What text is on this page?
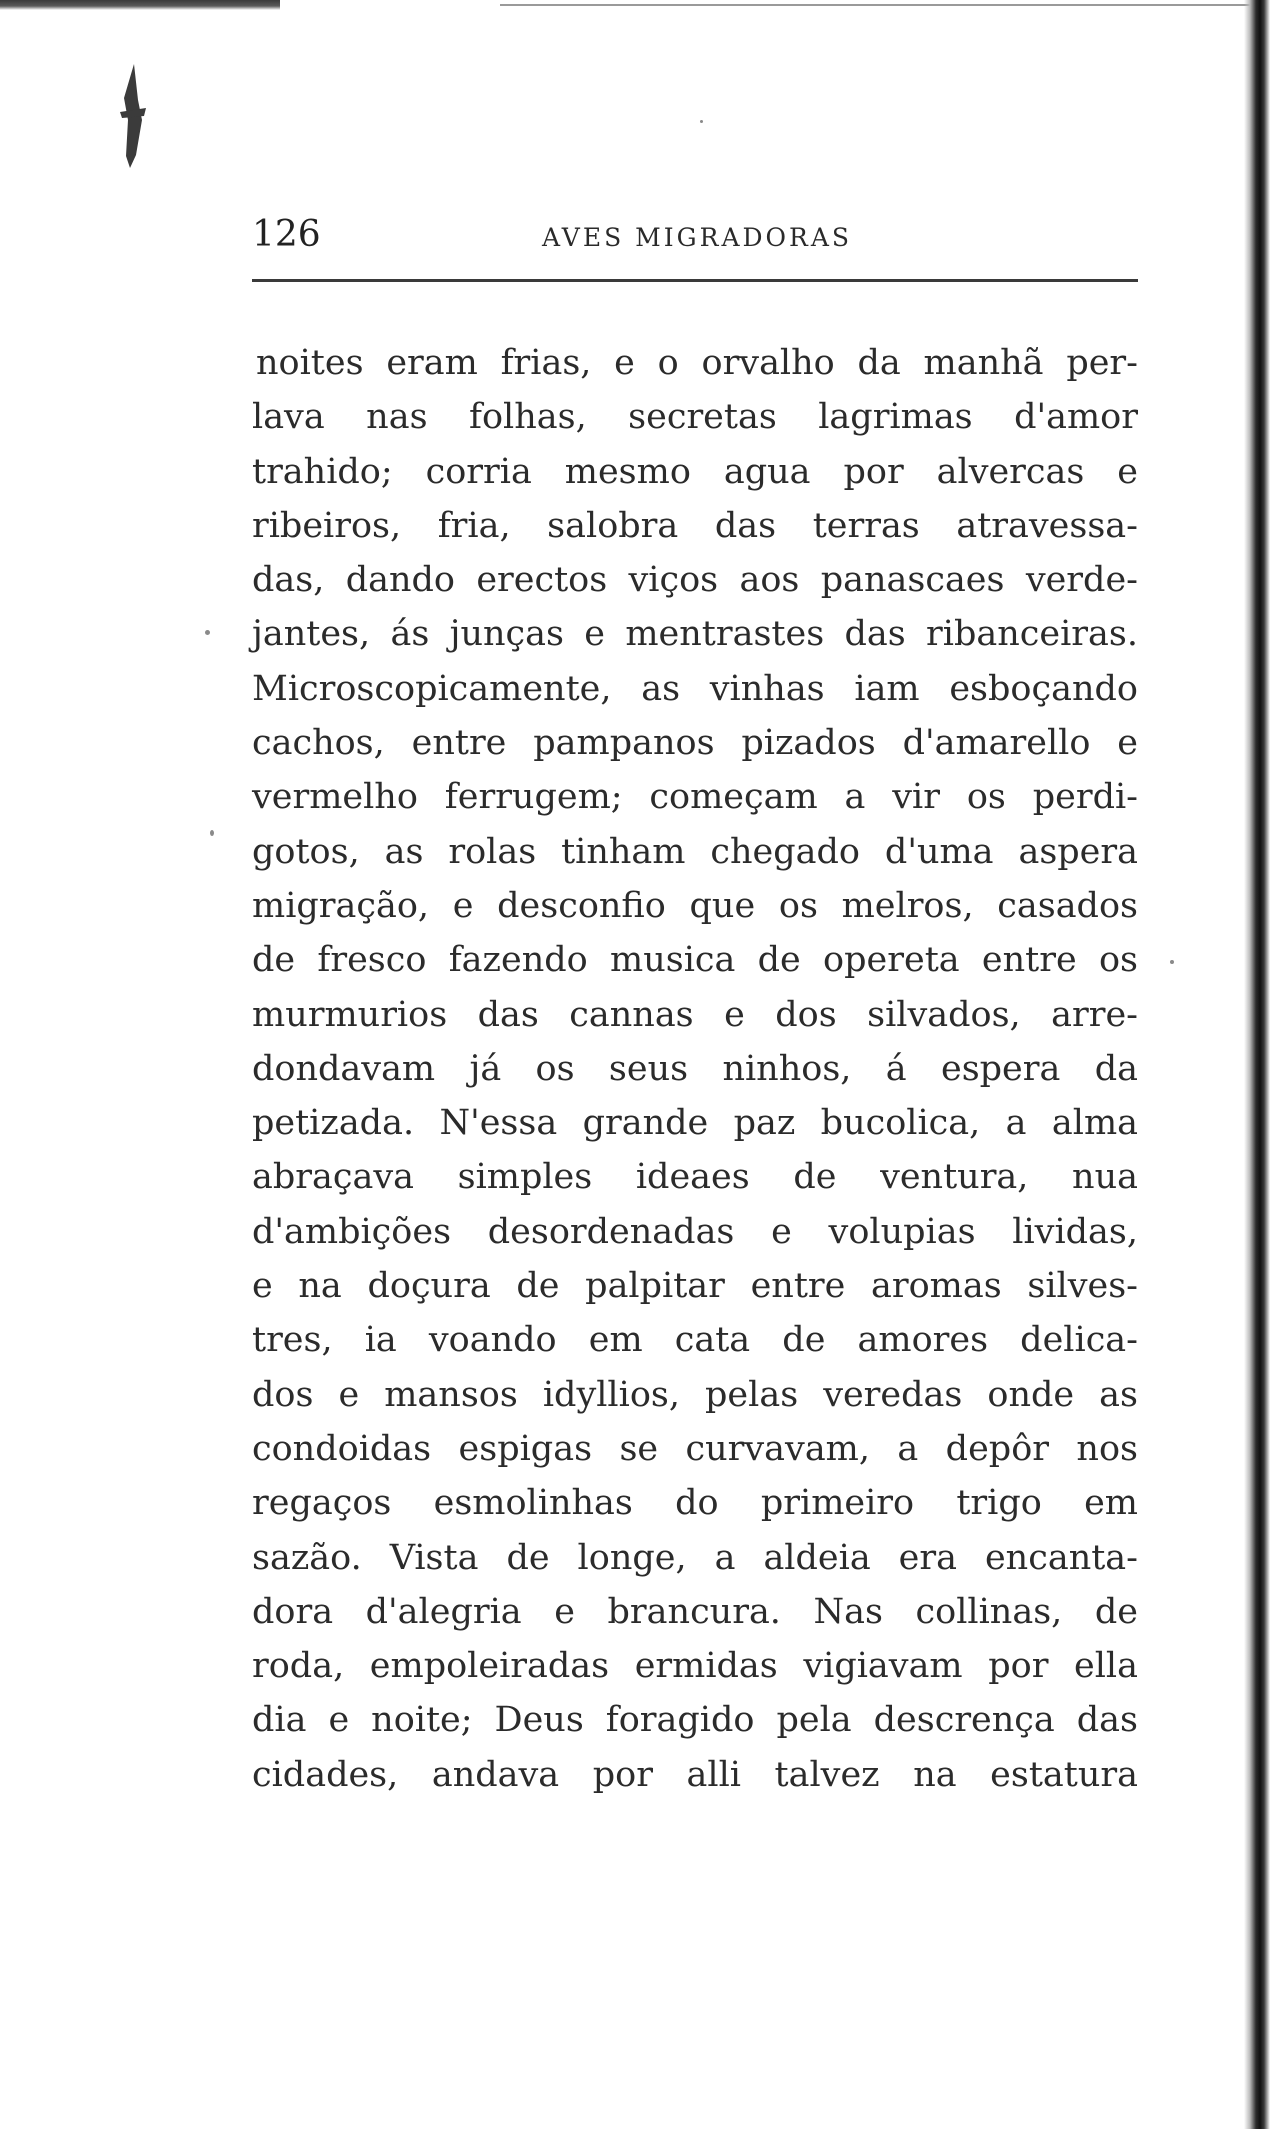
126	AVES MIGRADORAS
noites eram frias, e o orvalho da manhã per-
lava nas folhas, secretas lagrimas d'amor
trahido; corria mesmo agua por alvercas e
ribeiros, fria, salobra das terras atravessa-
das, dando erectos viços aos panascaes verde-
jantes, ás junças e mentrastes das ribanceiras.
Microscopicamente, as vinhas iam esboçando
cachos, entre pampanos pizados d'amarello e
vermelho ferrugem; começam a vir os perdi-
gotos, as rolas tinham chegado d'uma aspera
migração, e desconfio que os melros, casados
de fresco fazendo musica de opereta entre os
murmurios das cannas e dos silvados, arre-
dondavam já os seus ninhos, á espera da
petizada. N'essa grande paz bucolica, a alma
abraçava simples ideaes de ventura, nua
d'ambições desordenadas e volupias lividas,
e na doçura de palpitar entre aromas silves-
tres, ia voando em cata de amores delica-
dos e mansos idyllios, pelas veredas onde as
condoidas espigas se curvavam, a depôr nos
regaços esmolinhas do primeiro trigo em
sazão. Vista de longe, a aldeia era encanta-
dora d'alegria e brancura. Nas collinas, de
roda, empoleiradas ermidas vigiavam por ella
dia e noite; Deus foragido pela descrença das
cidades, andava por alli talvez na estatura
